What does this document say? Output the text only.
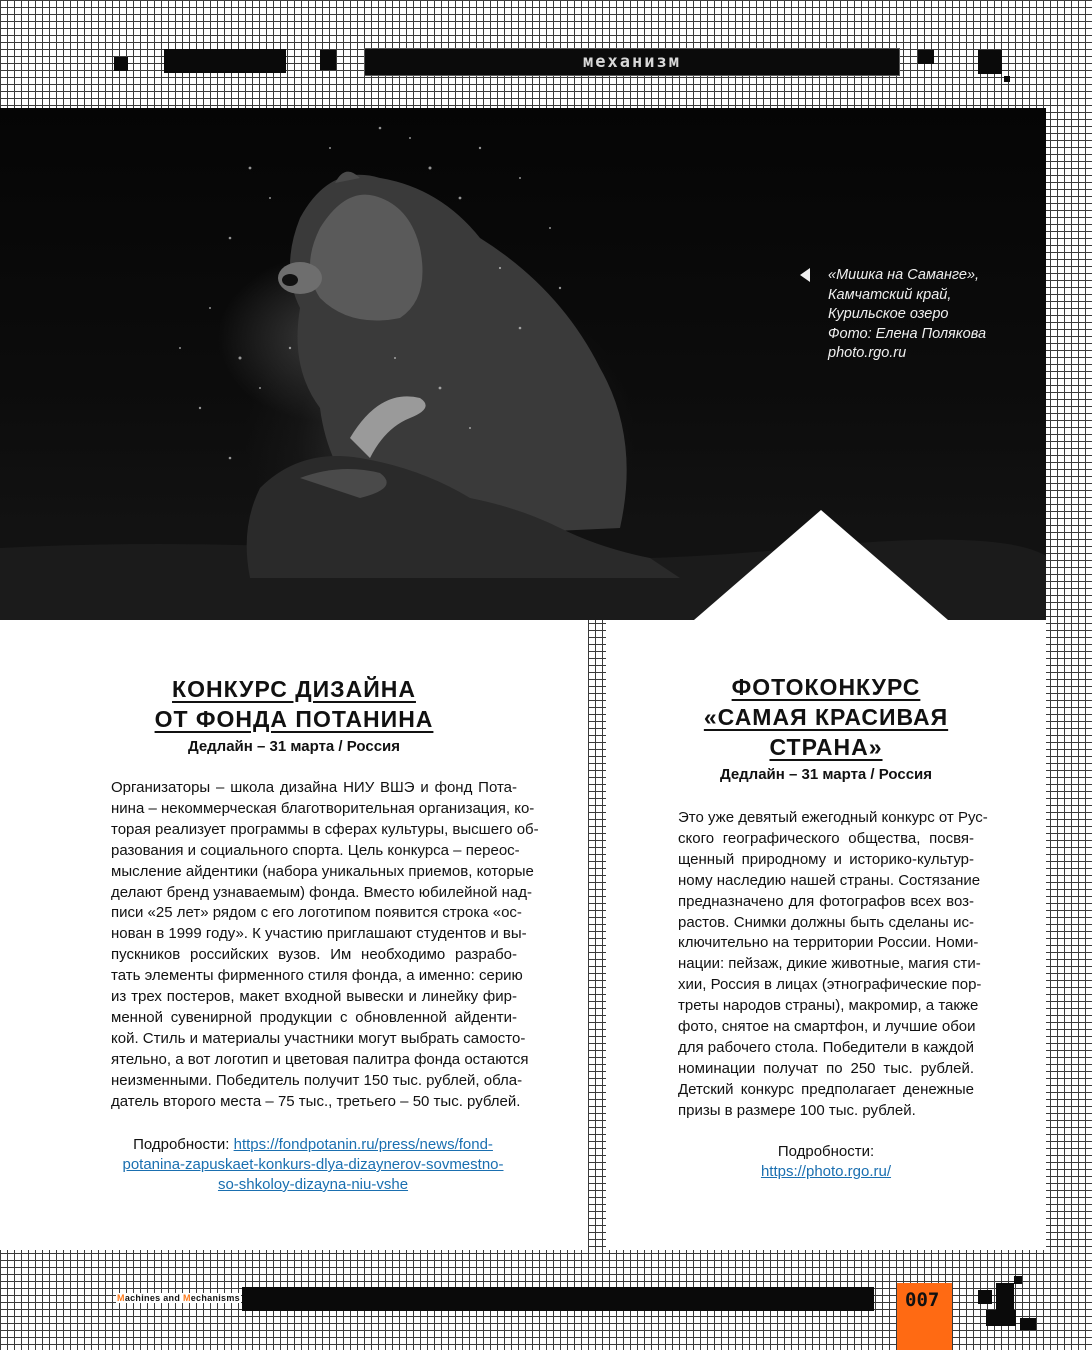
механизм
«Мишка на Саманге»,
Камчатский край,
Курильское озеро
Фото: Елена Полякова
photo.rgo.ru
КОНКУРС ДИЗАЙНА
ОТ ФОНДА ПОТАНИНА
Дедлайн – 31 марта / Россия
Организаторы – школа дизайна НИУ ВШЭ и фонд Пота-
нина – некоммерческая благотворительная организация, ко-
торая реализует программы в сферах культуры, высшего об-
разования и социального спорта. Цель конкурса – переос-
мысление айдентики (набора уникальных приемов, которые
делают бренд узнаваемым) фонда. Вместо юбилейной над-
писи «25 лет» рядом с его логотипом появится строка «ос-
нован в 1999 году». К участию приглашают студентов и вы-
пускников российских вузов. Им необходимо разрабо-
тать элементы фирменного стиля фонда, а именно: серию
из трех постеров, макет входной вывески и линейку фир-
менной сувенирной продукции с обновленной айденти-
кой. Стиль и материалы участники могут выбрать самосто-
ятельно, а вот логотип и цветовая палитра фонда остаются
неизменными. Победитель получит 150 тыс. рублей, обла-
датель второго места – 75 тыс., третьего – 50 тыс. рублей.
Подробности: https://fondpotanin.ru/press/news/fond-
potanina-zapuskaet-konkurs-dlya-dizaynerov-sovmestno-
so-shkoloy-dizayna-niu-vshe
ФОТОКОНКУРС
«САМАЯ КРАСИВАЯ
СТРАНА»
Дедлайн – 31 марта / Россия
Это уже девятый ежегодный конкурс от Рус-
ского географического общества, посвя-
щенный природному и историко-культур-
ному наследию нашей страны. Состязание
предназначено для фотографов всех воз-
растов. Снимки должны быть сделаны ис-
ключительно на территории России. Номи-
нации: пейзаж, дикие животные, магия сти-
хии, Россия в лицах (этнографические пор-
треты народов страны), макромир, а также
фото, снятое на смартфон, и лучшие обои
для рабочего стола. Победители в каждой
номинации получат по 250 тыс. рублей.
Детский конкурс предполагает денежные
призы в размере 100 тыс. рублей.
Подробности:
https://photo.rgo.ru/
Machines and Mechanisms	007
